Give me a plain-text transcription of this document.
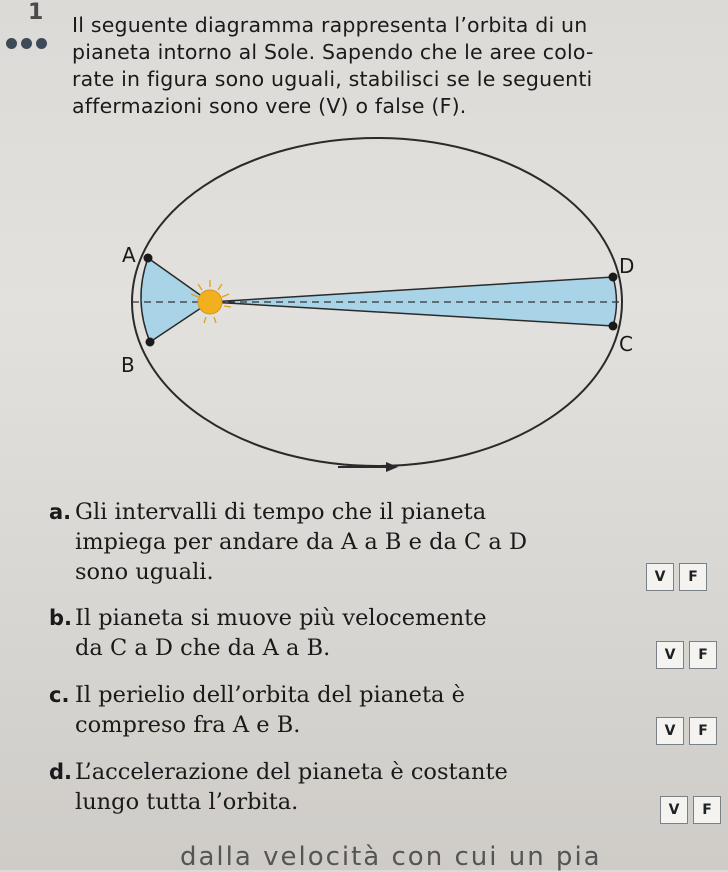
1 Il seguente diagramma rappresenta l’orbita di un
pianeta intorno al Sole. Sapendo che le aree colo-
rate in figura sono uguali, stabilisci se le seguenti
affermazioni sono vere (V) o false (F).
A
B
C
D
a. Gli intervalli di tempo che il pianeta
impiega per andare da A a B e da C a D
sono uguali.	V	F
b. Il pianeta si muove più velocemente
da C a D che da A a B.	V	F
c. Il perielio dell’orbita del pianeta è
compreso fra A e B.	V	F
d. L’accelerazione del pianeta è costante
lungo tutta l’orbita.	V	F
dalla velocità con cui un pia
